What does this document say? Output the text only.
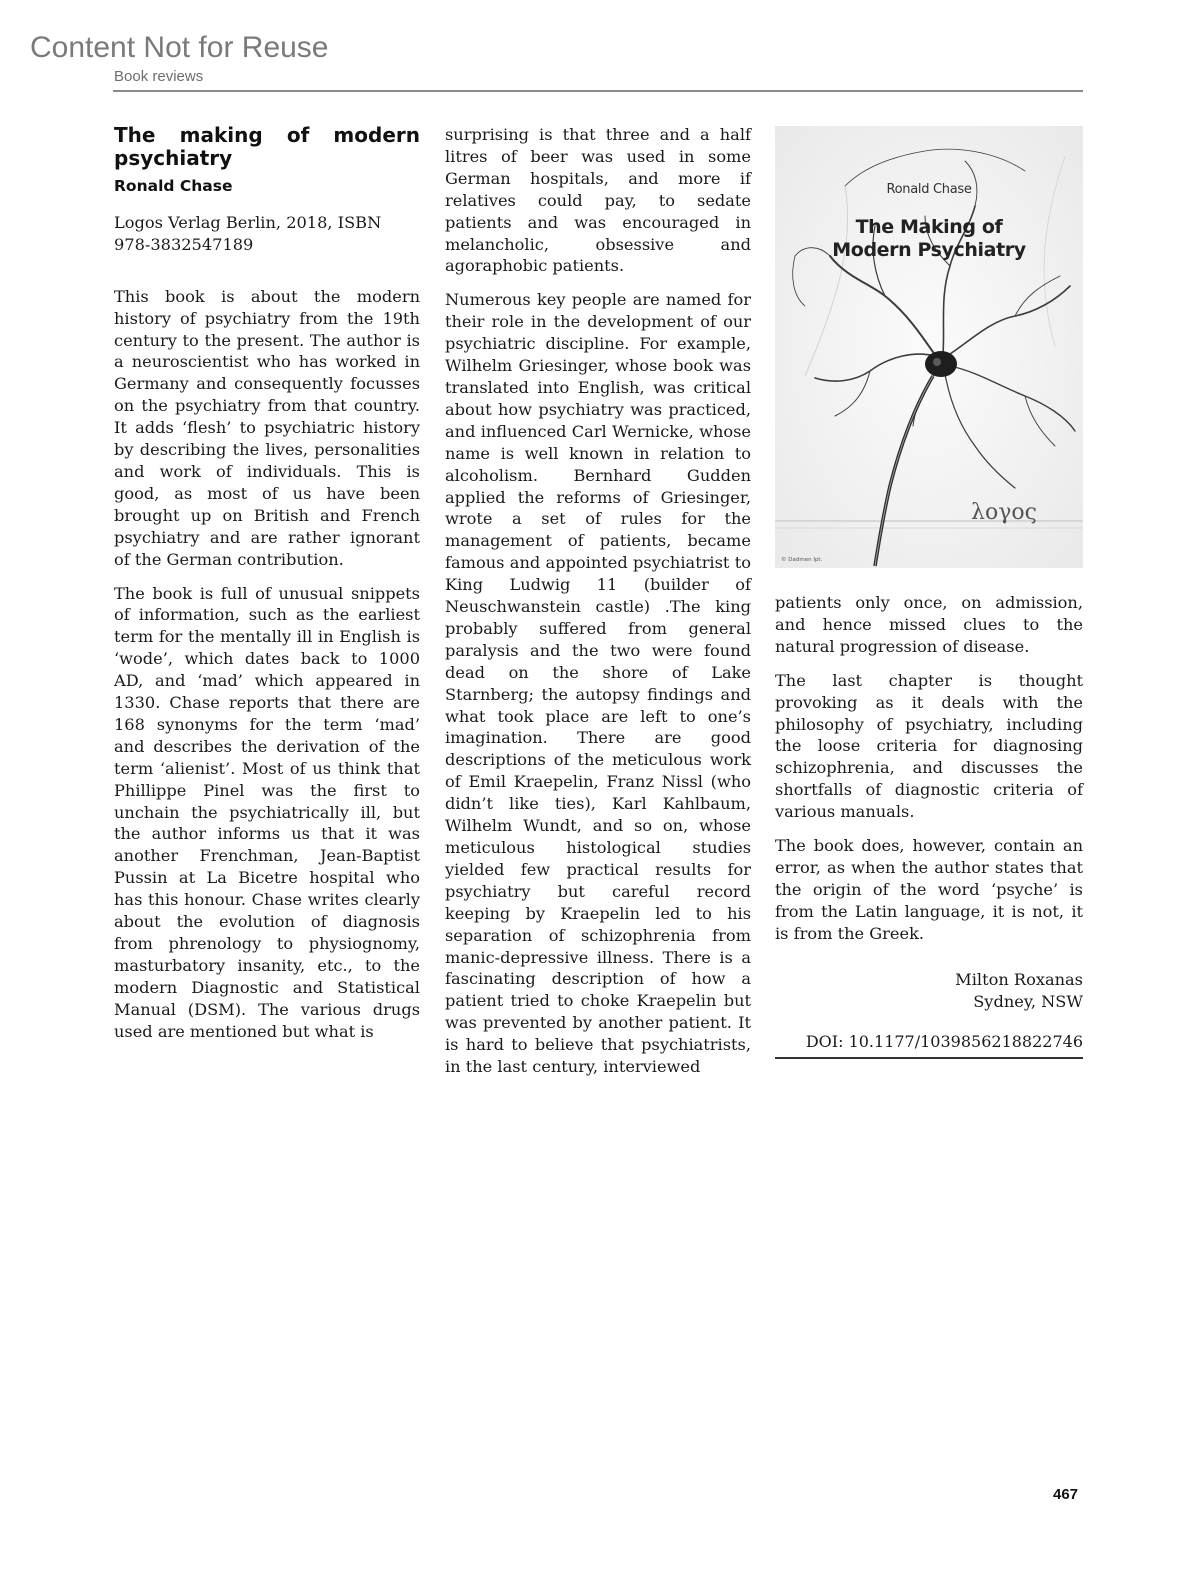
Content Not for Reuse
Book reviews
The making of modern psychiatry
Ronald Chase

Logos Verlag Berlin, 2018, ISBN 978-3832547189

This book is about the modern history of psychiatry from the 19th century to the present. The author is a neuroscientist who has worked in Germany and consequently focusses on the psychiatry from that country. It adds ‘flesh’ to psychiatric history by describing the lives, personalities and work of individuals. This is good, as most of us have been brought up on British and French psychiatry and are rather ignorant of the German contribution.

The book is full of unusual snippets of information, such as the earliest term for the mentally ill in English is ‘wode’, which dates back to 1000 AD, and ‘mad’ which appeared in 1330. Chase reports that there are 168 synonyms for the term ‘mad’ and describes the derivation of the term ‘alienist’. Most of us think that Phillippe Pinel was the first to unchain the psychiatrically ill, but the author informs us that it was another Frenchman, Jean-Baptist Pussin at La Bicetre hospital who has this honour. Chase writes clearly about the evolution of diagnosis from phrenology to physiognomy, masturbatory insanity, etc., to the modern Diagnostic and Statistical Manual (DSM). The various drugs used are mentioned but what is

surprising is that three and a half litres of beer was used in some German hospitals, and more if relatives could pay, to sedate patients and was encouraged in melancholic, obsessive and agoraphobic patients.

Numerous key people are named for their role in the development of our psychiatric discipline. For example, Wilhelm Griesinger, whose book was translated into English, was critical about how psychiatry was practiced, and influenced Carl Wernicke, whose name is well known in relation to alcoholism. Bernhard Gudden applied the reforms of Griesinger, wrote a set of rules for the management of patients, became famous and appointed psychiatrist to King Ludwig 11 (builder of Neuschwanstein castle) .The king probably suffered from general paralysis and the two were found dead on the shore of Lake Starnberg; the autopsy findings and what took place are left to one’s imagination. There are good descriptions of the meticulous work of Emil Kraepelin, Franz Nissl (who didn’t like ties), Karl Kahlbaum, Wilhelm Wundt, and so on, whose meticulous histological studies yielded few practical results for psychiatry but careful record keeping by Kraepelin led to his separation of schizophrenia from manic-depressive illness. There is a fascinating description of how a patient tried to choke Kraepelin but was prevented by another patient. It is hard to believe that psychiatrists, in the last century, interviewed

Ronald Chase
The Making of
Modern Psychiatry
λογος
© Dadmen Ipt.

patients only once, on admission, and hence missed clues to the natural progression of disease.

The last chapter is thought provoking as it deals with the philosophy of psychiatry, including the loose criteria for diagnosing schizophrenia, and discusses the shortfalls of diagnostic criteria of various manuals.

The book does, however, contain an error, as when the author states that the origin of the word ‘psyche’ is from the Latin language, it is not, it is from the Greek.

Milton Roxanas
Sydney, NSW
DOI: 10.1177/1039856218822746
467
